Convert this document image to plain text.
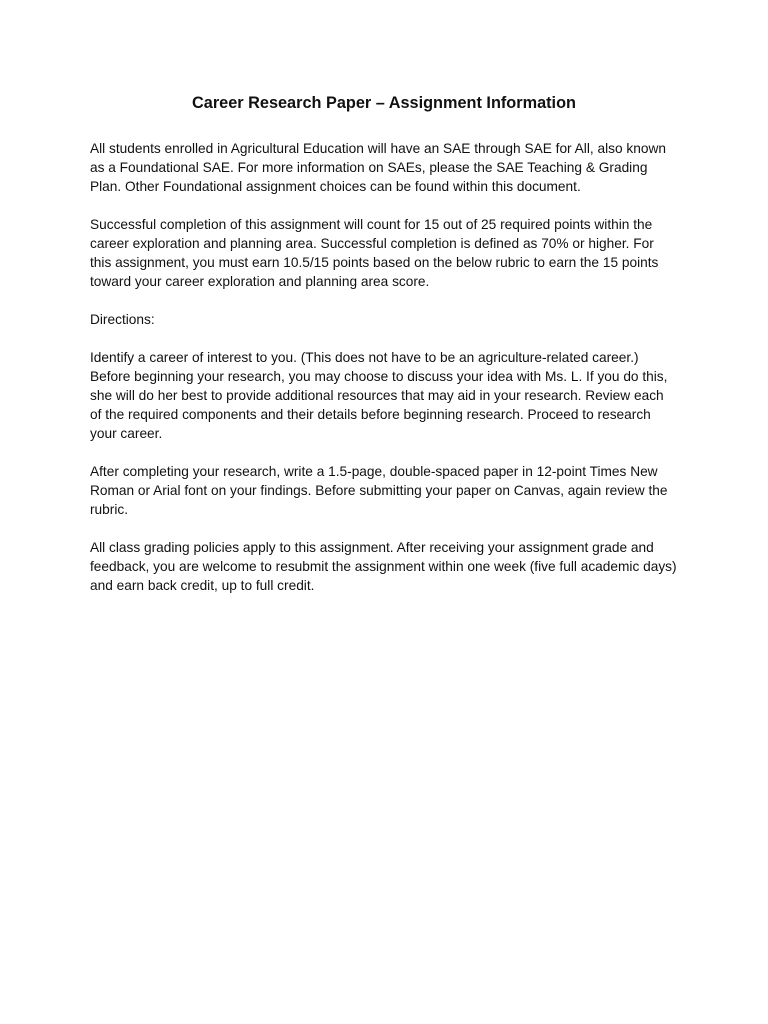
Career Research Paper – Assignment Information

All students enrolled in Agricultural Education will have an SAE through SAE for All, also known as a Foundational SAE. For more information on SAEs, please the SAE Teaching & Grading Plan. Other Foundational assignment choices can be found within this document.

Successful completion of this assignment will count for 15 out of 25 required points within the career exploration and planning area. Successful completion is defined as 70% or higher. For this assignment, you must earn 10.5/15 points based on the below rubric to earn the 15 points toward your career exploration and planning area score.

Directions:

Identify a career of interest to you. (This does not have to be an agriculture-related career.) Before beginning your research, you may choose to discuss your idea with Ms. L. If you do this, she will do her best to provide additional resources that may aid in your research. Review each of the required components and their details before beginning research. Proceed to research your career.

After completing your research, write a 1.5-page, double-spaced paper in 12-point Times New Roman or Arial font on your findings. Before submitting your paper on Canvas, again review the rubric.

All class grading policies apply to this assignment. After receiving your assignment grade and feedback, you are welcome to resubmit the assignment within one week (five full academic days) and earn back credit, up to full credit.
